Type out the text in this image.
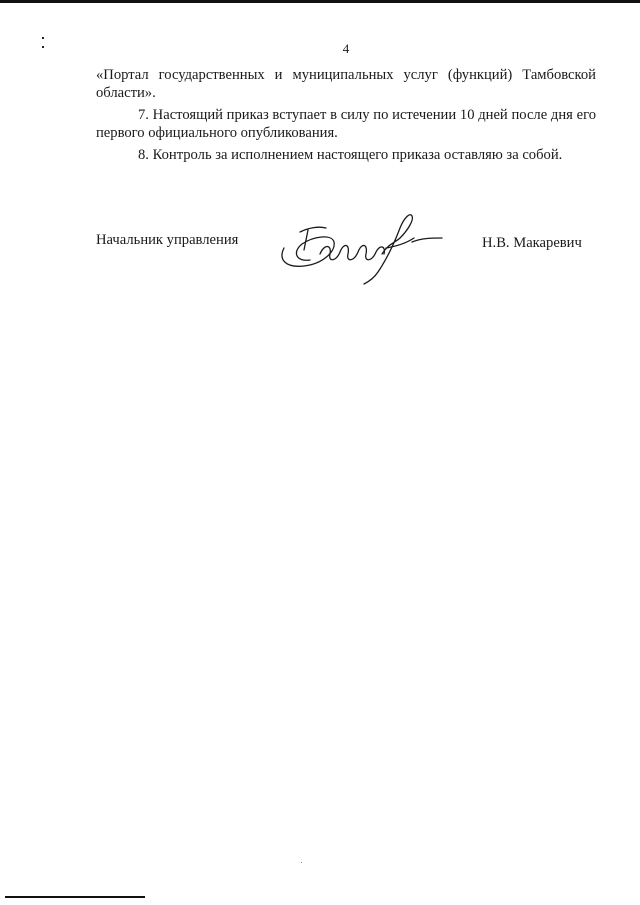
4

«Портал государственных и муниципальных услуг (функций) Тамбовской области».

7. Настоящий приказ вступает в силу по истечении 10 дней после дня его первого официального опубликования.

8. Контроль за исполнением настоящего приказа оставляю за собой.

Начальник управления	Н.В. Макаревич
